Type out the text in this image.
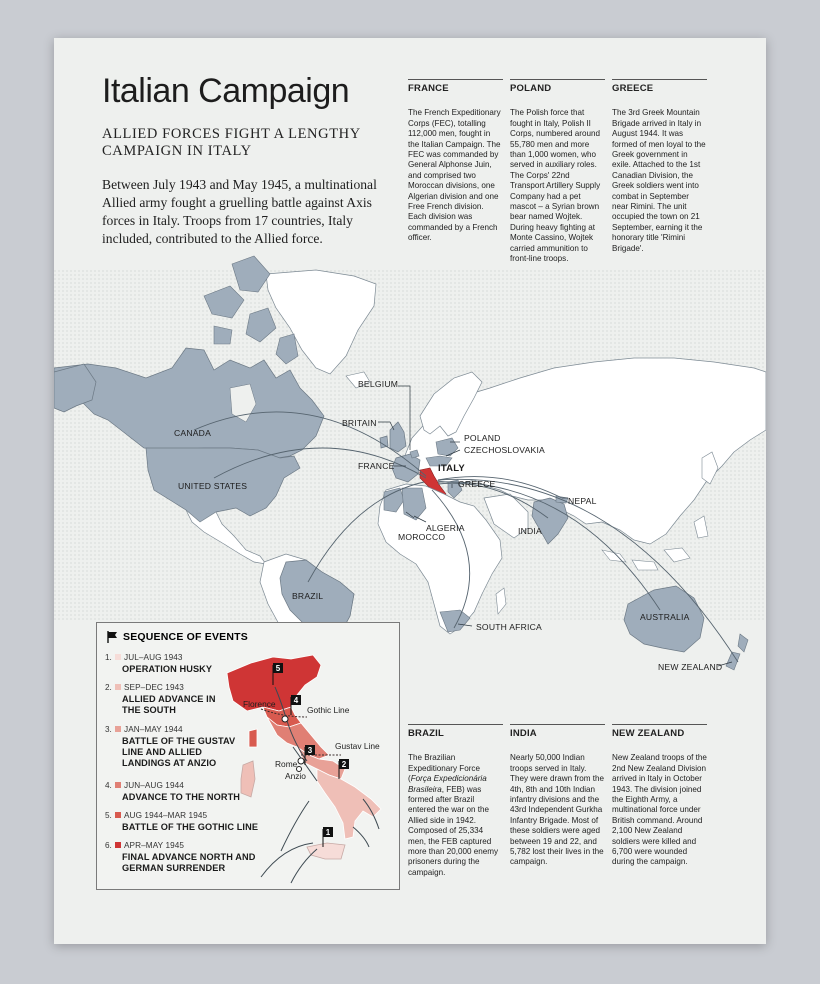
Italian Campaign
ALLIED FORCES FIGHT A LENGTHY CAMPAIGN IN ITALY
Between July 1943 and May 1945, a multinational Allied army fought a gruelling battle against Axis forces in Italy. Troops from 17 countries, Italy included, contributed to the Allied force.
FRANCE
The French Expeditionary Corps (FEC), totalling 112,000 men, fought in the Italian Campaign. The FEC was commanded by General Alphonse Juin, and comprised two Moroccan divisions, one Algerian division and one Free French division. Each division was commanded by a French officer.
POLAND
The Polish force that fought in Italy, Polish II Corps, numbered around 55,780 men and more than 1,000 women, who served in auxiliary roles. The Corps' 22nd Transport Artillery Supply Company had a pet mascot – a Syrian brown bear named Wojtek. During heavy fighting at Monte Cassino, Wojtek carried ammunition to front-line troops.
GREECE
The 3rd Greek Mountain Brigade arrived in Italy in August 1944. It was formed of men loyal to the Greek government in exile. Attached to the 1st Canadian Division, the Greek soldiers went into combat in September near Rimini. The unit occupied the town on 21 September, earning it the honorary title 'Rimini Brigade'.
BRAZIL
The Brazilian Expeditionary Force (Força Expedicionária Brasileira, FEB) was formed after Brazil entered the war on the Allied side in 1942. Composed of 25,334 men, the FEB captured more than 20,000 enemy prisoners during the campaign.
INDIA
Nearly 50,000 Indian troops served in Italy. They were drawn from the 4th, 8th and 10th Indian infantry divisions and the 43rd Independent Gurkha Infantry Brigade. Most of these soldiers were aged between 19 and 22, and 5,782 lost their lives in the campaign.
NEW ZEALAND
New Zealand troops of the 2nd New Zealand Division arrived in Italy in October 1943. The division joined the Eighth Army, a multinational force under British command. Around 2,100 New Zealand soldiers were killed and 6,700 were wounded during the campaign.
CANADA
UNITED STATES
BRAZIL
BELGIUM
BRITAIN
FRANCE	ITALY
POLAND
CZECHOSLOVAKIA
GREECE
ALGERIA
MOROCCO
NEPAL
INDIA
SOUTH AFRICA
AUSTRALIA
NEW ZEALAND
SEQUENCE OF EVENTS
1. JUL–AUG 1943
OPERATION HUSKY
2. SEP–DEC 1943
ALLIED ADVANCE IN THE SOUTH
3. JAN–MAY 1944
BATTLE OF THE GUSTAV LINE AND ALLIED LANDINGS AT ANZIO
4. JUN–AUG 1944
ADVANCE TO THE NORTH
5. AUG 1944–MAR 1945
BATTLE OF THE GOTHIC LINE
6. APR–MAY 1945
FINAL ADVANCE NORTH AND GERMAN SURRENDER
5
4
3
2
1
Florence
Gothic Line
Gustav Line
Rome
Anzio
